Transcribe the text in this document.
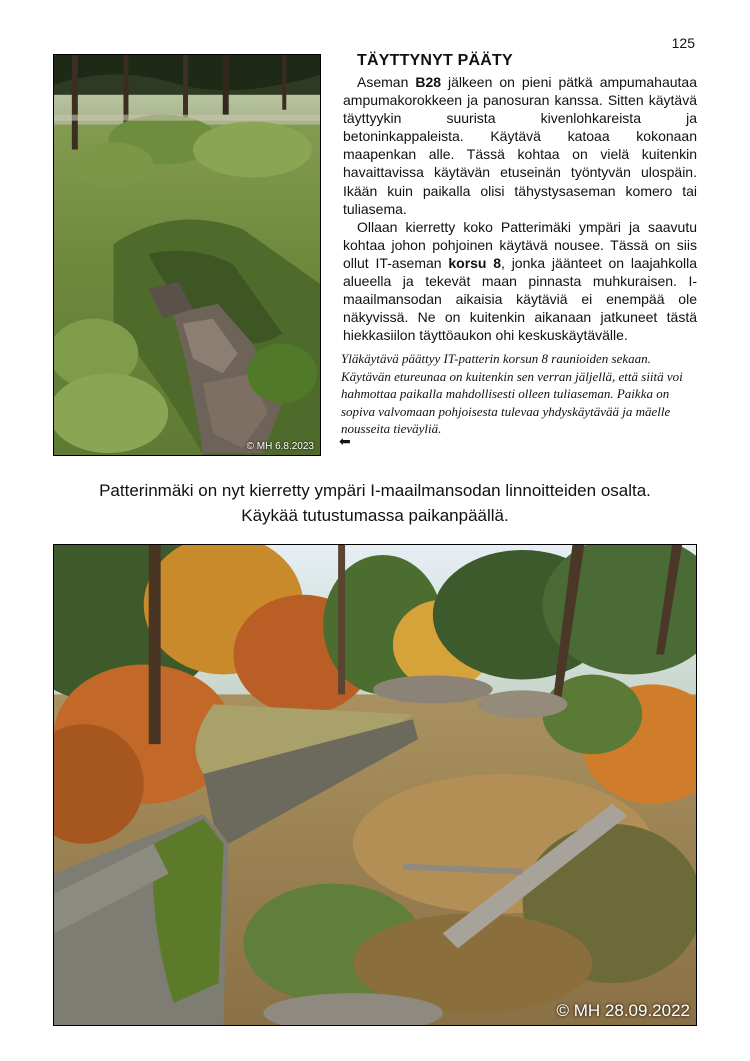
125
© MH 6.8.2023
TÄYTTYNYT PÄÄTY

Aseman B28 jälkeen on pieni pätkä ampumahautaa ampumakorokkeen ja panosuran kanssa. Sitten käytävä täyttyykin suurista kivenlohkareista ja betoninkappaleista. Käytävä katoaa kokonaan maapenkan alle. Tässä kohtaa on vielä kuitenkin havaittavissa käytävän etuseinän työntyvän ulospäin. Ikään kuin paikalla olisi tähystysaseman komero tai tuliasema.

Ollaan kierretty koko Patterimäki ympäri ja saavutu kohtaa johon pohjoinen käytävä nousee. Tässä on siis ollut IT-aseman korsu 8, jonka jäänteet on laajahkolla alueella ja tekevät maan pinnasta muhkuraisen. I-maailmansodan aikaisia käytäviä ei enempää ole näkyvissä. Ne on kuitenkin aikanaan jatkuneet tästä hiekkasiilon täyttöaukon ohi keskuskäytävälle.

Yläkäytävä päättyy IT-patterin korsun 8 raunioiden sekaan. Käytävän etureunaa on kuitenkin sen verran jäljellä, että siitä voi hahmottaa paikalla mahdollisesti olleen tuliaseman. Paikka on sopiva valvomaan pohjoisesta tulevaa yhdyskäytävää ja mäelle nousseita tieväyliä.
⬅
Patterinmäki on nyt kierretty ympäri I-maailmansodan linnoitteiden osalta.
Käykää tutustumassa paikanpäällä.
© MH 28.09.2022
